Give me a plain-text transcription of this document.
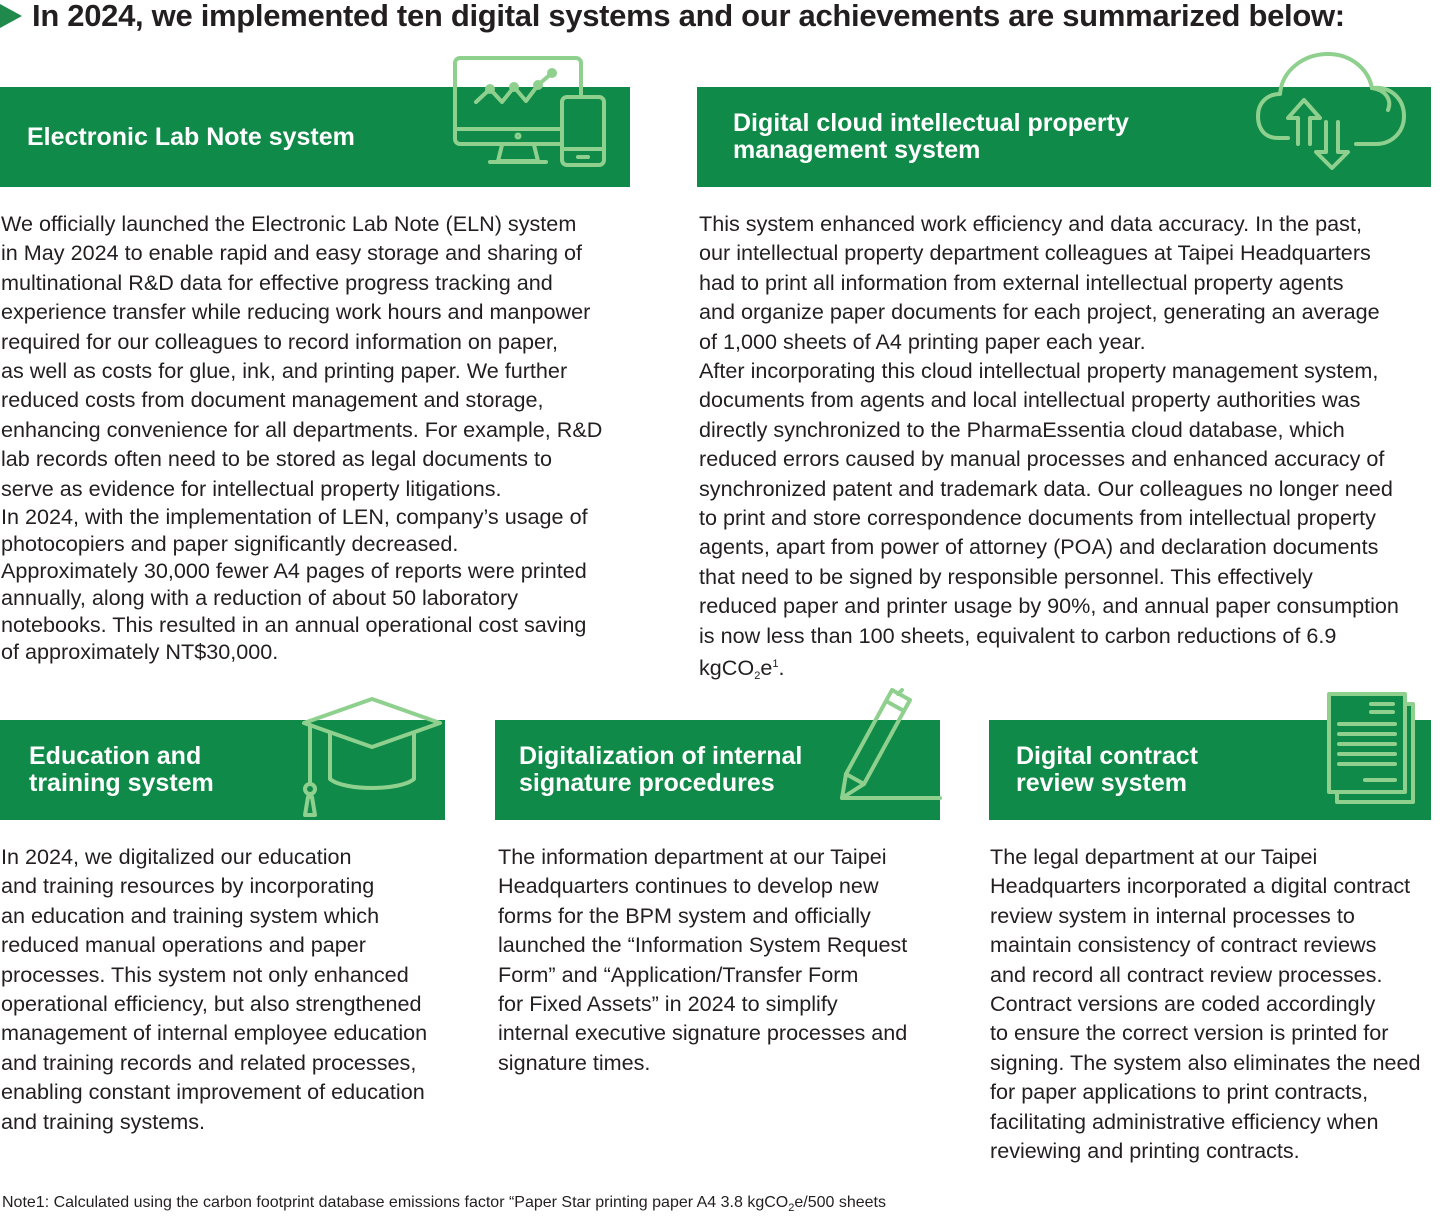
In 2024, we implemented ten digital systems and our achievements are summarized below:
Electronic Lab Note system

We officially launched the Electronic Lab Note (ELN) system
in May 2024 to enable rapid and easy storage and sharing of
multinational R&D data for effective progress tracking and
experience transfer while reducing work hours and manpower
required for our colleagues to record information on paper,
as well as costs for glue, ink, and printing paper. We further
reduced costs from document management and storage,
enhancing convenience for all departments. For example, R&D
lab records often need to be stored as legal documents to
serve as evidence for intellectual property litigations.

In 2024, with the implementation of LEN, company’s usage of
photocopiers and paper significantly decreased.
Approximately 30,000 fewer A4 pages of reports were printed
annually, along with a reduction of about 50 laboratory
notebooks. This resulted in an annual operational cost saving
of approximately NT$30,000.

Digital cloud intellectual property
management system

This system enhanced work efficiency and data accuracy. In the past,
our intellectual property department colleagues at Taipei Headquarters
had to print all information from external intellectual property agents
and organize paper documents for each project, generating an average
of 1,000 sheets of A4 printing paper each year.

After incorporating this cloud intellectual property management system,
documents from agents and local intellectual property authorities was
directly synchronized to the PharmaEssentia cloud database, which
reduced errors caused by manual processes and enhanced accuracy of
synchronized patent and trademark data. Our colleagues no longer need
to print and store correspondence documents from intellectual property
agents, apart from power of attorney (POA) and declaration documents
that need to be signed by responsible personnel. This effectively
reduced paper and printer usage by 90%, and annual paper consumption
is now less than 100 sheets, equivalent to carbon reductions of 6.9
$kgCO_2e^1$.

Education and
training system

In 2024, we digitalized our education
and training resources by incorporating
an education and training system which
reduced manual operations and paper
processes. This system not only enhanced
operational efficiency, but also strengthened
management of internal employee education
and training records and related processes,
enabling constant improvement of education
and training systems.

Digitalization of internal
signature procedures

The information department at our Taipei
Headquarters continues to develop new
forms for the BPM system and officially
launched the “Information System Request
Form” and “Application/Transfer Form
for Fixed Assets” in 2024 to simplify
internal executive signature processes and
signature times.

Digital contract
review system

The legal department at our Taipei
Headquarters incorporated a digital contract
review system in internal processes to
maintain consistency of contract reviews
and record all contract review processes.
Contract versions are coded accordingly
to ensure the correct version is printed for
signing. The system also eliminates the need
for paper applications to print contracts,
facilitating administrative efficiency when
reviewing and printing contracts.

Note1: Calculated using the carbon footprint database emissions factor “Paper Star printing paper A4 3.8 kgCO$_2$e/500 sheets
